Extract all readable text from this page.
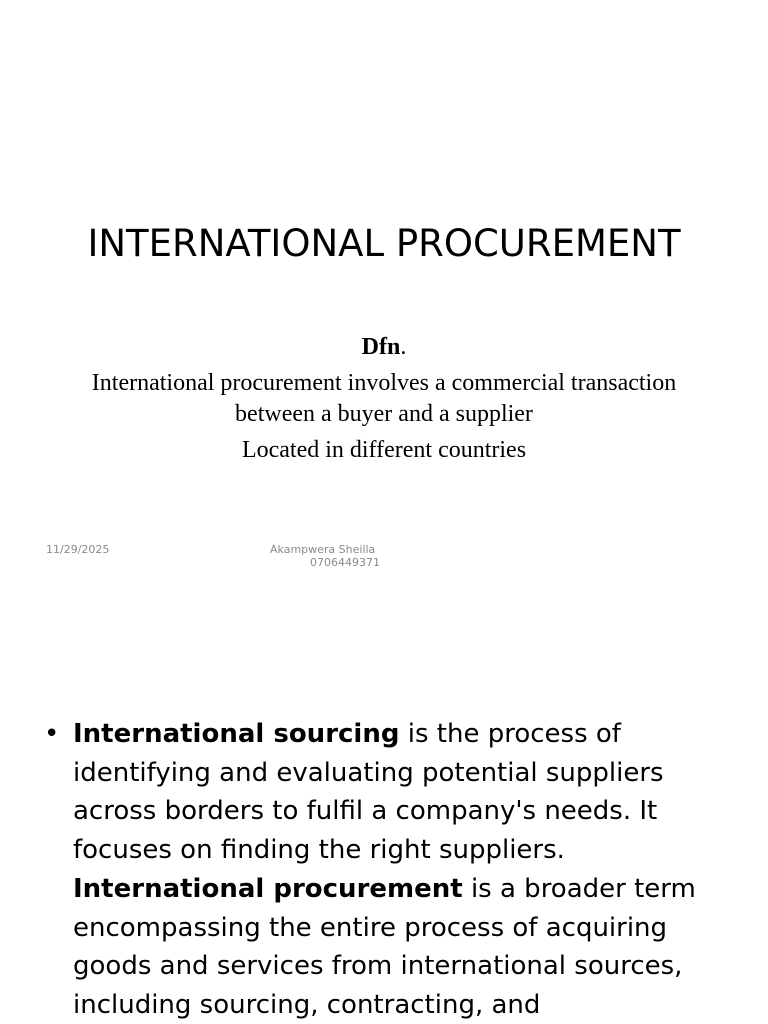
INTERNATIONAL PROCUREMENT
Dfn.
International procurement involves a commercial transaction between a buyer and a supplier
Located in different countries
11/29/2025	Akampwera Sheilla
0706449371
• International sourcing is the process of identifying and evaluating potential suppliers across borders to fulfil a company's needs. It focuses on finding the right suppliers. International procurement is a broader term encompassing the entire process of acquiring goods and services from international sources, including sourcing, contracting, and
